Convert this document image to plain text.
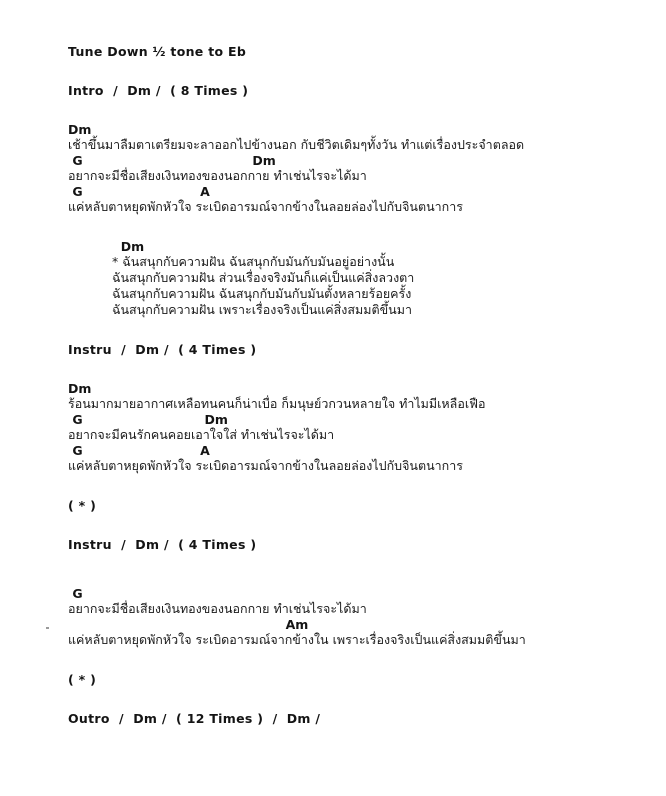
Tune Down ½ tone to Eb
Intro  /  Dm /  ( 8 Times )
Dm
เช้าขึ้นมาลืมตาเตรียมจะลาออกไปข้างนอก กับชีวิตเดิมๆทั้งวัน ทำแต่เรื่องประจำตลอด
G                                       Dm
อยากจะมีชื่อเสียงเงินทองของนอกกาย ทำเช่นไรจะได้มา
G                           A
แค่หลับตาหยุดพักหัวใจ ระเบิดอารมณ์จากข้างในลอยล่องไปกับจินตนาการ
Dm
* ฉันสนุกกับความฝัน ฉันสนุกกับมันกับมันอยู่อย่างนั้น
ฉันสนุกกับความฝัน ส่วนเรื่องจริงมันก็แค่เป็นแค่สิ่งลวงตา
ฉันสนุกกับความฝัน ฉันสนุกกับมันกับมันตั้งหลายร้อยครั้ง
ฉันสนุกกับความฝัน เพราะเรื่องจริงเป็นแค่สิ่งสมมติขึ้นมา
Instru  /  Dm /  ( 4 Times )
Dm
ร้อนมากมายอากาศเหลือทนคนก็น่าเบื่อ ก็มนุษย์วกวนหลายใจ ทำไมมีเหลือเฟือ
G                            Dm
อยากจะมีคนรักคนคอยเอาใจใส่ ทำเช่นไรจะได้มา
G                           A
แค่หลับตาหยุดพักหัวใจ ระเบิดอารมณ์จากข้างในลอยล่องไปกับจินตนาการ
( * )
Instru  /  Dm /  ( 4 Times )
G
อยากจะมีชื่อเสียงเงินทองของนอกกาย ทำเช่นไรจะได้มา
Am
แค่หลับตาหยุดพักหัวใจ ระเบิดอารมณ์จากข้างใน เพราะเรื่องจริงเป็นแค่สิ่งสมมติขึ้นมา
( * )
Outro  /  Dm /  ( 12 Times )  /  Dm /
